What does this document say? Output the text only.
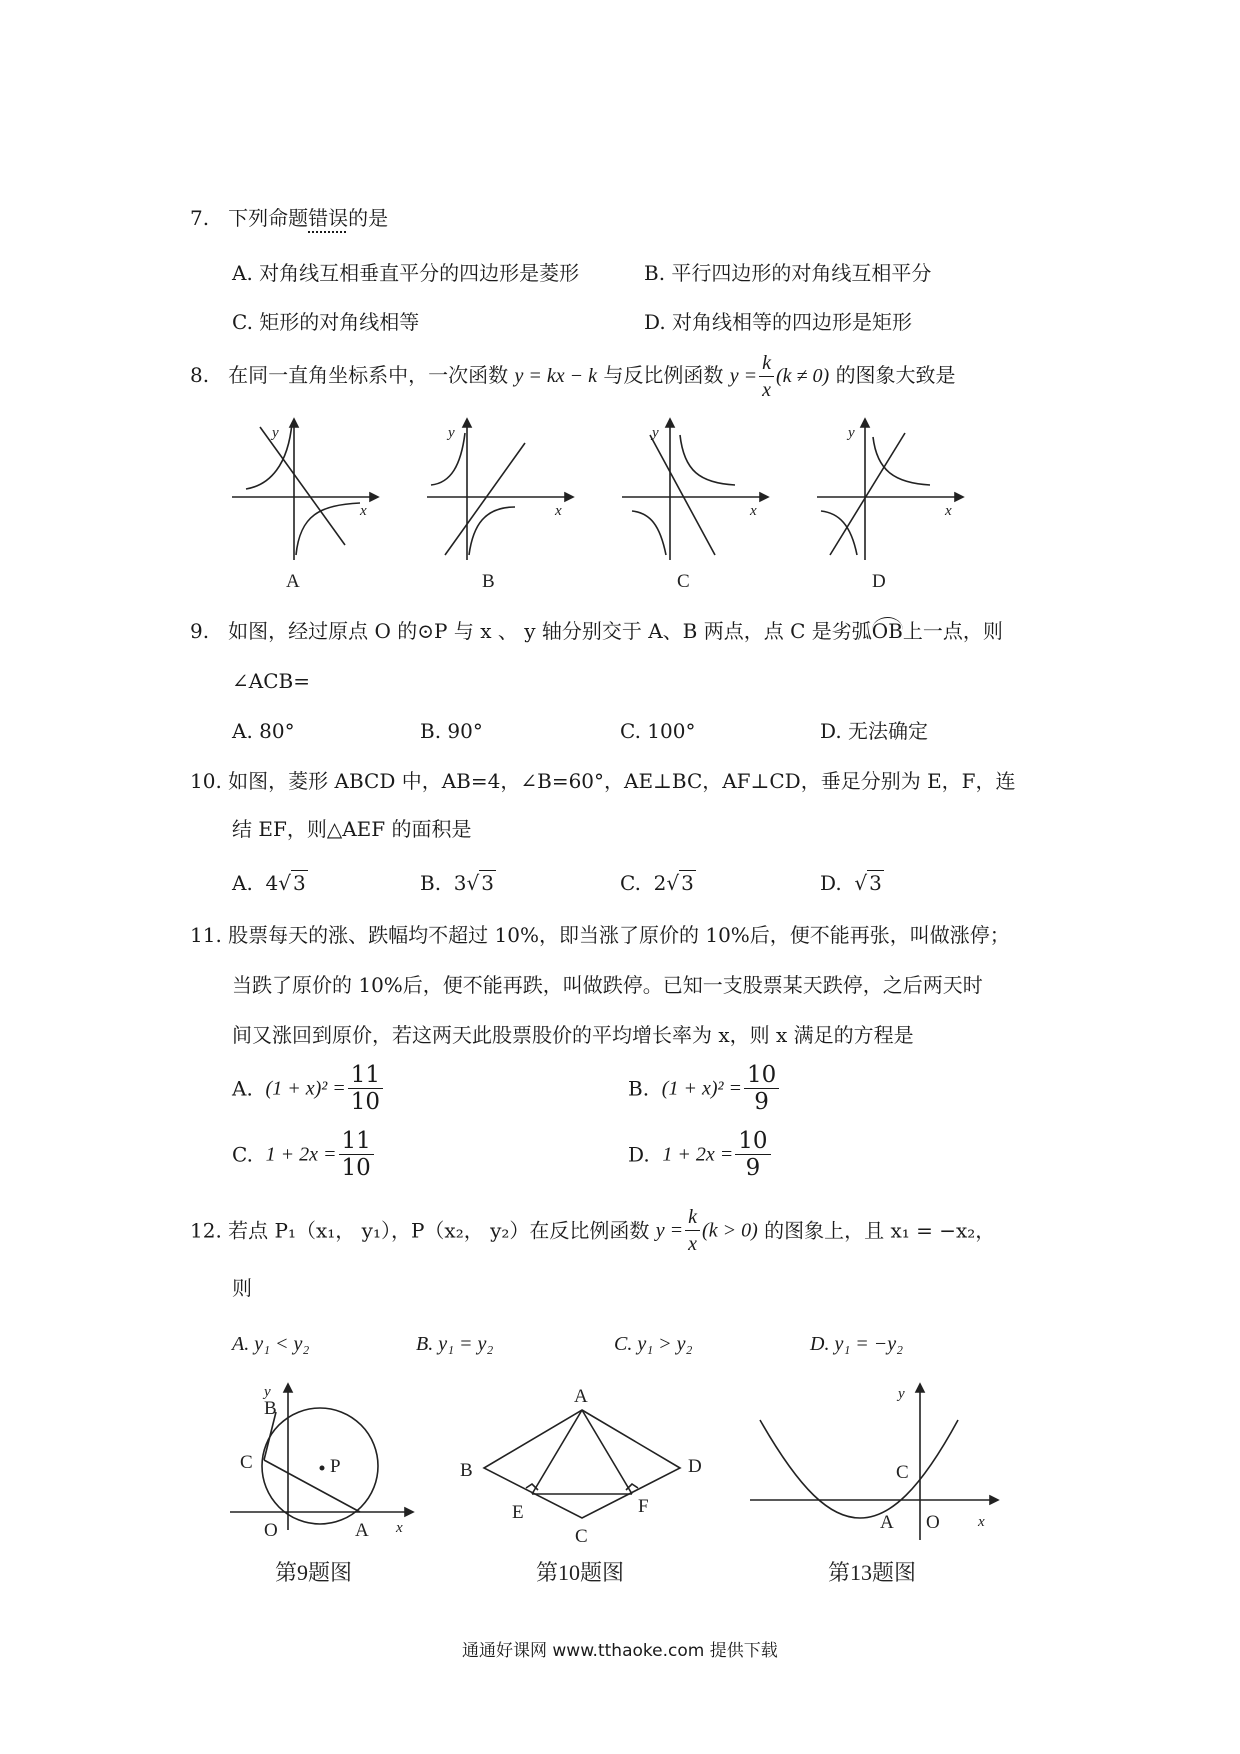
7. 下列命题错误的是
A. 对角线互相垂直平分的四边形是菱形	B. 平行四边形的对角线互相平分
C. 矩形的对角线相等	D. 对角线相等的四边形是矩形
8. 在同一直角坐标系中，一次函数 y = kx − k 与反比例函数 $y = \frac{k}{x} (k \ne 0)$ 的图象大致是
y
x
y
x
y
x
y
x
A	B	C	D
9. 如图，经过原点 O 的⊙P 与 x 、 y 轴分别交于 A、B 两点，点 C 是劣弧OB上一点，则
∠ACB=
A. 80°	B. 90°	C. 100°	D. 无法确定
10. 如图，菱形 ABCD 中，AB=4，∠B=60°，AE⊥BC，AF⊥CD，垂足分别为 E，F，连
结 EF，则△AEF 的面积是
A. 4√ 3	B. 3√ 3	C. 2√ 3	D.  √ 3
11. 股票每天的涨、跌幅均不超过 10%，即当涨了原价的 10%后，便不能再张，叫做涨停；
当跌了原价的 10%后，便不能再跌，叫做跌停。已知一支股票某天跌停，之后两天时
间又涨回到原价，若这两天此股票股价的平均增长率为 x，则 x 满足的方程是
A. $(1 + x)^2 = \frac{11}{10}$	B. $(1 + x)^2 = \frac{10}{9}$
C. $1 + 2x = \frac{11}{10}$	D. $1 + 2x = \frac{10}{9}$
12. 若点 P₁（x₁， y₁），P（x₂， y₂）在反比例函数 $y = \frac{k}{x} (k > 0)$ 的图象上，且 x₁ = −x₂，
则
A. y₁ < y₂	B. y₁ = y₂	C. y₁ > y₂	D. y₁ = −y₂
B
y
C	P
O	A x
第9题图
A
B	D
E	F
C
第10题图
y
C
A O	x
第13题图
通通好课网 www.tthaoke.com 提供下载
